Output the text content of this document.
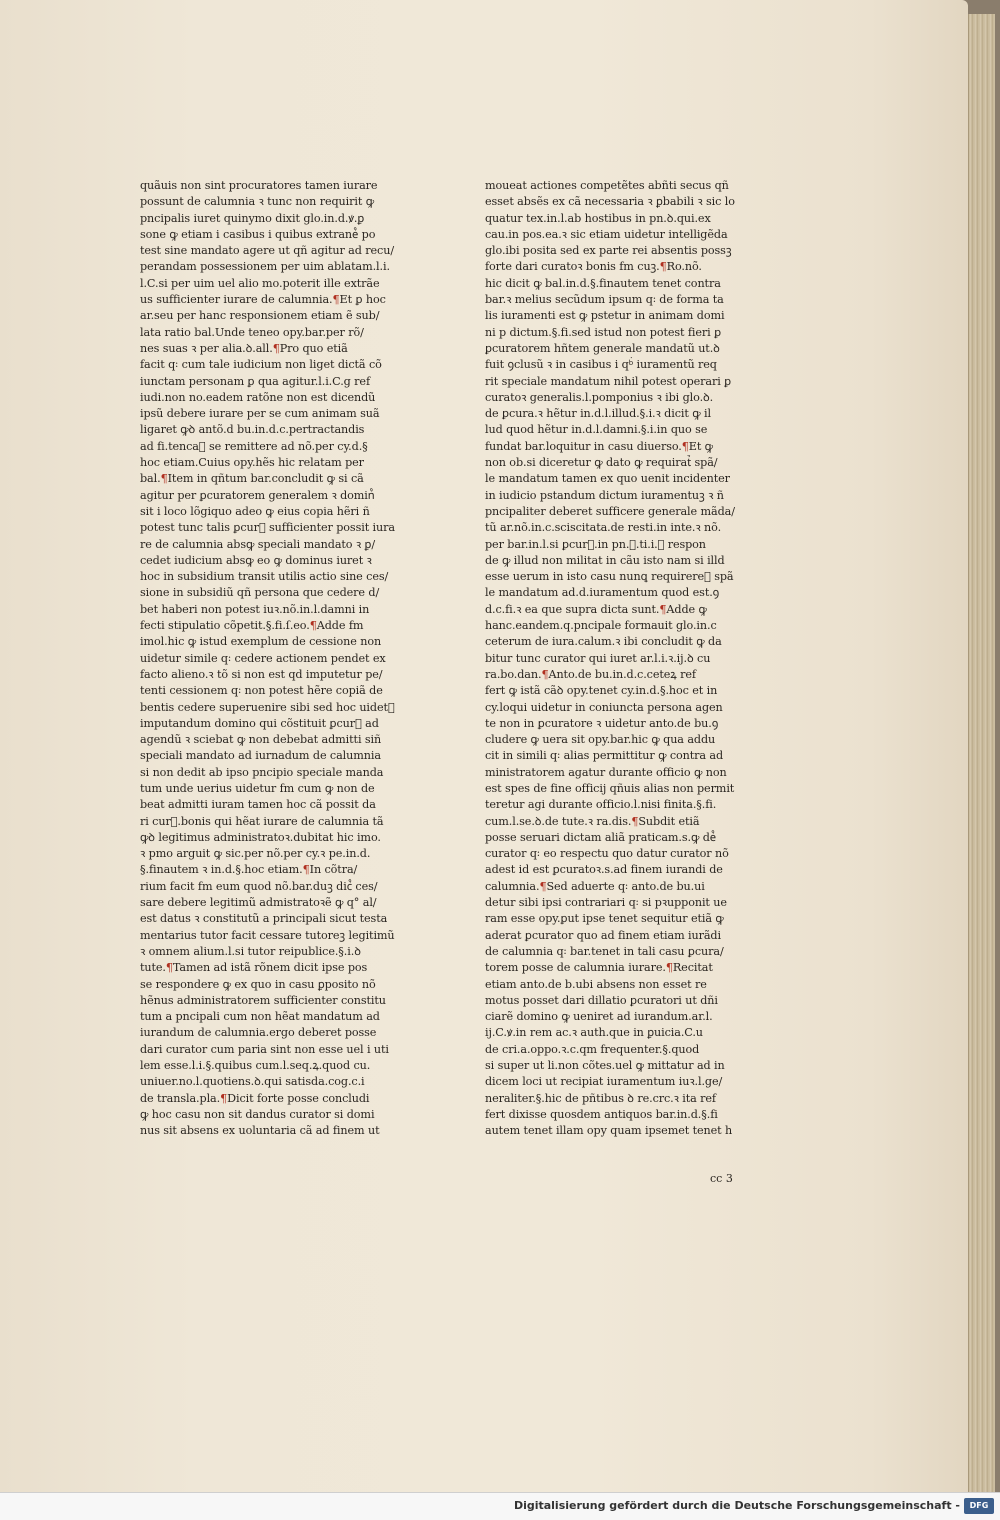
quãuis non sint procuratores tamen iurare
possunt de calumnia ꝛ tunc non requirit ꝙ
pncipalis iuret quinymo dixit glo.in.d.ꝟ.ꝑ
sone ꝙ etiam i casibus i quibus extrane᷒ po
test sine mandato agere ut qñ agitur ad recu/
perandam possessionem per uim ablatam.l.i.
l.C.si per uim uel alio mo.poterit ille extrãe
us sufficienter iurare de calumnia.¶Et ꝑ hoc
ar.seu per hanc responsionem etiam ẽ sub/
lata ratio bal.Unde teneo opy.bar.per rõ/
nes suas ꝛ per alia.ꝺ.all.¶Pro quo etiã
facit q꞉ cum tale iudicium non liget dictã cõ
iunctam personam ꝑ qua agitur.l.i.C.g ref
iudi.non no.eadem ratõne non est dicendũ
ipsũ debere iurare per se cum animam suã
ligaret ꝙꝺ antõ.d bu.in.d.c.pertractandis
ad fi.tenca᷒ se remittere ad nõ.per cy.d.§
hoc etiam.Cuius opy.hẽs hic relatam per
bal.¶Item in qñtum bar.concludit ꝙ si cã
agitur per ꝑcuratorem generalem ꝛ domin᷒
sit i loco lõgiquo adeo ꝙ eius copia hẽri ñ
potest tunc talis ꝑcur᷒ sufficienter possit iura
re de calumnia absꝙ speciali mandato ꝛ ꝑ/
cedet iudicium absꝙ eo ꝙ dominus iuret ꝛ
hoc in subsidium transit utilis actio sine ces/
sione in subsidiũ qñ persona que cedere d/
bet haberi non potest iuꝛ.nõ.in.l.damni in
fecti stipulatio cõpetit.§.fi.ſ.eo.¶Adde fm
imol.hic ꝙ istud exemplum de cessione non
uidetur simile q꞉ cedere actionem pendet ex
facto alieno.ꝛ tõ si non est qd imputetur pe/
tenti cessionem q꞉ non potest hẽre copiã de
bentis cedere superuenire sibi sed hoc uidet᷒
imputandum domino qui cõstituit ꝑcur᷒ ad
agendũ ꝛ sciebat ꝙ non debebat admitti siñ
speciali mandato ad iurnadum de calumnia
si non dedit ab ipso pncipio speciale manda
tum unde uerius uidetur fm cum ꝙ non de
beat admitti iuram tamen hoc cã possit da
ri cur᷒.bonis qui hẽat iurare de calumnia tã
ꝙꝺ legitimus administratoꝛ.dubitat hic imo.
ꝛ pmo arguit ꝙ sic.per nõ.per cy.ꝛ pe.in.d.
§.finautem ꝛ in.d.§.hoc etiam.¶In cõtra/
rium facit fm eum quod nõ.bar.duꝫ dic᷒ ces/
sare debere legitimũ admistratoꝛẽ ꝙ q° al/
est datus ꝛ constitutũ a principali sicut testa
mentarius tutor facit cessare tutoreꝫ legitimũ
ꝛ omnem alium.l.si tutor reipublice.§.i.ꝺ
tute.¶Tamen ad istã rõnem dicit ipse pos
se respondere ꝙ ex quo in casu ꝑposito nõ
hẽnus administratorem sufficienter constitu
tum a pncipali cum non hẽat mandatum ad
iurandum de calumnia.ergo deberet posse
dari curator cum paria sint non esse uel i uti
lem esse.l.i.§.quibus cum.l.seq.ꝝ.quod cu.
uniuer.no.l.quotiens.ꝺ.qui satisda.cog.c.i
de transla.pla.¶Dicit forte posse concludi
ꝙ hoc casu non sit dandus curator si domi
nus sit absens ex uoluntaria cã ad finem ut
moueat actiones competẽtes abñti secus qñ
esset absẽs ex cã necessaria ꝛ ꝑbabili ꝛ sic lo
quatur tex.in.l.ab hostibus in pn.ꝺ.qui.ex
cau.in pos.ea.ꝛ sic etiam uidetur intelligẽda
glo.ibi posita sed ex parte rei absentis possꝫ
forte dari curatoꝛ bonis fm cuꝫ.¶Ro.nõ.
hic dicit ꝙ bal.in.d.§.finautem tenet contra
bar.ꝛ melius secũdum ipsum q꞉ de forma ta
lis iuramenti est ꝙ pstetur in animam domi
ni p dictum.§.fi.sed istud non potest fieri ꝑ
ꝑcuratorem hñtem generale mandatũ ut.ꝺ
fuit ꝯclusũ ꝛ in casibus i qᵇ᷒ iuramentũ req
rit speciale mandatum nihil potest operari ꝑ
curatoꝛ generalis.l.pomponius ꝛ ibi glo.ꝺ.
de ꝑcura.ꝛ hẽtur in.d.l.illud.§.i.ꝛ dicit ꝙ il
lud quod hẽtur in.d.l.damni.§.i.in quo se
fundat bar.loquitur in casu diuerso.¶Et ꝙ
non ob.si diceretur ꝙ dato ꝙ requirat᷒ spã/
le mandatum tamen ex quo uenit incidenter
in iudicio pstandum dictum iuramentuꝫ ꝛ ñ
pncipaliter deberet sufficere generale mãda/
tũ ar.nõ.in.c.sciscitata.de resti.in inte.ꝛ nõ.
per bar.in.l.si ꝑcur᷒.in pn.ꝺ.ti.i.ꝙ respon
de ꝙ illud non militat in cãu isto nam si illd
esse uerum in isto casu nunꝗ requirere᷒ spã
le mandatum ad.d.iuramentum quod est.ꝯ
d.c.fi.ꝛ ea que supra dicta sunt.¶Adde ꝙ
hanc.eandem.q.pncipale formauit glo.in.c
ceterum de iura.calum.ꝛ ibi concludit ꝙ da
bitur tunc curator qui iuret ar.l.i.ꝛ.ij.ꝺ cu
ra.bo.dan.¶Anto.de bu.in.d.c.ceteꝝ ref
fert ꝙ istã cãꝺ opy.tenet cy.in.d.§.hoc et in
cy.loqui uidetur in coniuncta persona agen
te non in ꝑcuratore ꝛ uidetur anto.de bu.ꝯ
cludere ꝙ uera sit opy.bar.hic ꝙ qua addu
cit in simili q꞉ alias permittitur ꝙ contra ad
ministratorem agatur durante officio ꝙ non
est spes de fine officij qñuis alias non permit
teretur agi durante officio.l.nisi finita.§.fi.
cum.l.se.ꝺ.de tute.ꝛ ra.dis.¶Subdit etiã
posse seruari dictam aliã praticam.s.ꝙ de᷒
curator q꞉ eo respectu quo datur curator nõ
adest id est ꝑcuratoꝛ.s.ad finem iurandi de
calumnia.¶Sed aduerte q꞉ anto.de bu.ui
detur sibi ipsi contrariari q꞉ si pꝛupponit ue
ram esse opy.ꝑut ipse tenet sequitur etiã ꝙ
aderat ꝑcurator quo ad finem etiam iurãdi
de calumnia q꞉ bar.tenet in tali casu ꝑcura/
torem posse de calumnia iurare.¶Recitat
etiam anto.de b.ubi absens non esset re
motus posset dari dillatio ꝑcuratori ut dñi
ciarẽ domino ꝙ ueniret ad iurandum.ar.l.
ij.C.ꝟ.in rem ac.ꝛ auth.que in ꝑuicia.C.u
de cri.a.oppo.ꝛ.c.qm frequenter.§.quod
si super ut li.non cõtes.uel ꝙ mittatur ad in
dicem loci ut recipiat iuramentum iuꝛ.l.ge/
neraliter.§.hic de pñtibus ꝺ re.crc.ꝛ ita ref
fert dixisse quosdem antiquos bar.in.d.§.fi
autem tenet illam opy quam ipsemet tenet h
cc 3
Digitalisierung gefördert durch die Deutsche Forschungsgemeinschaft -	DFG
